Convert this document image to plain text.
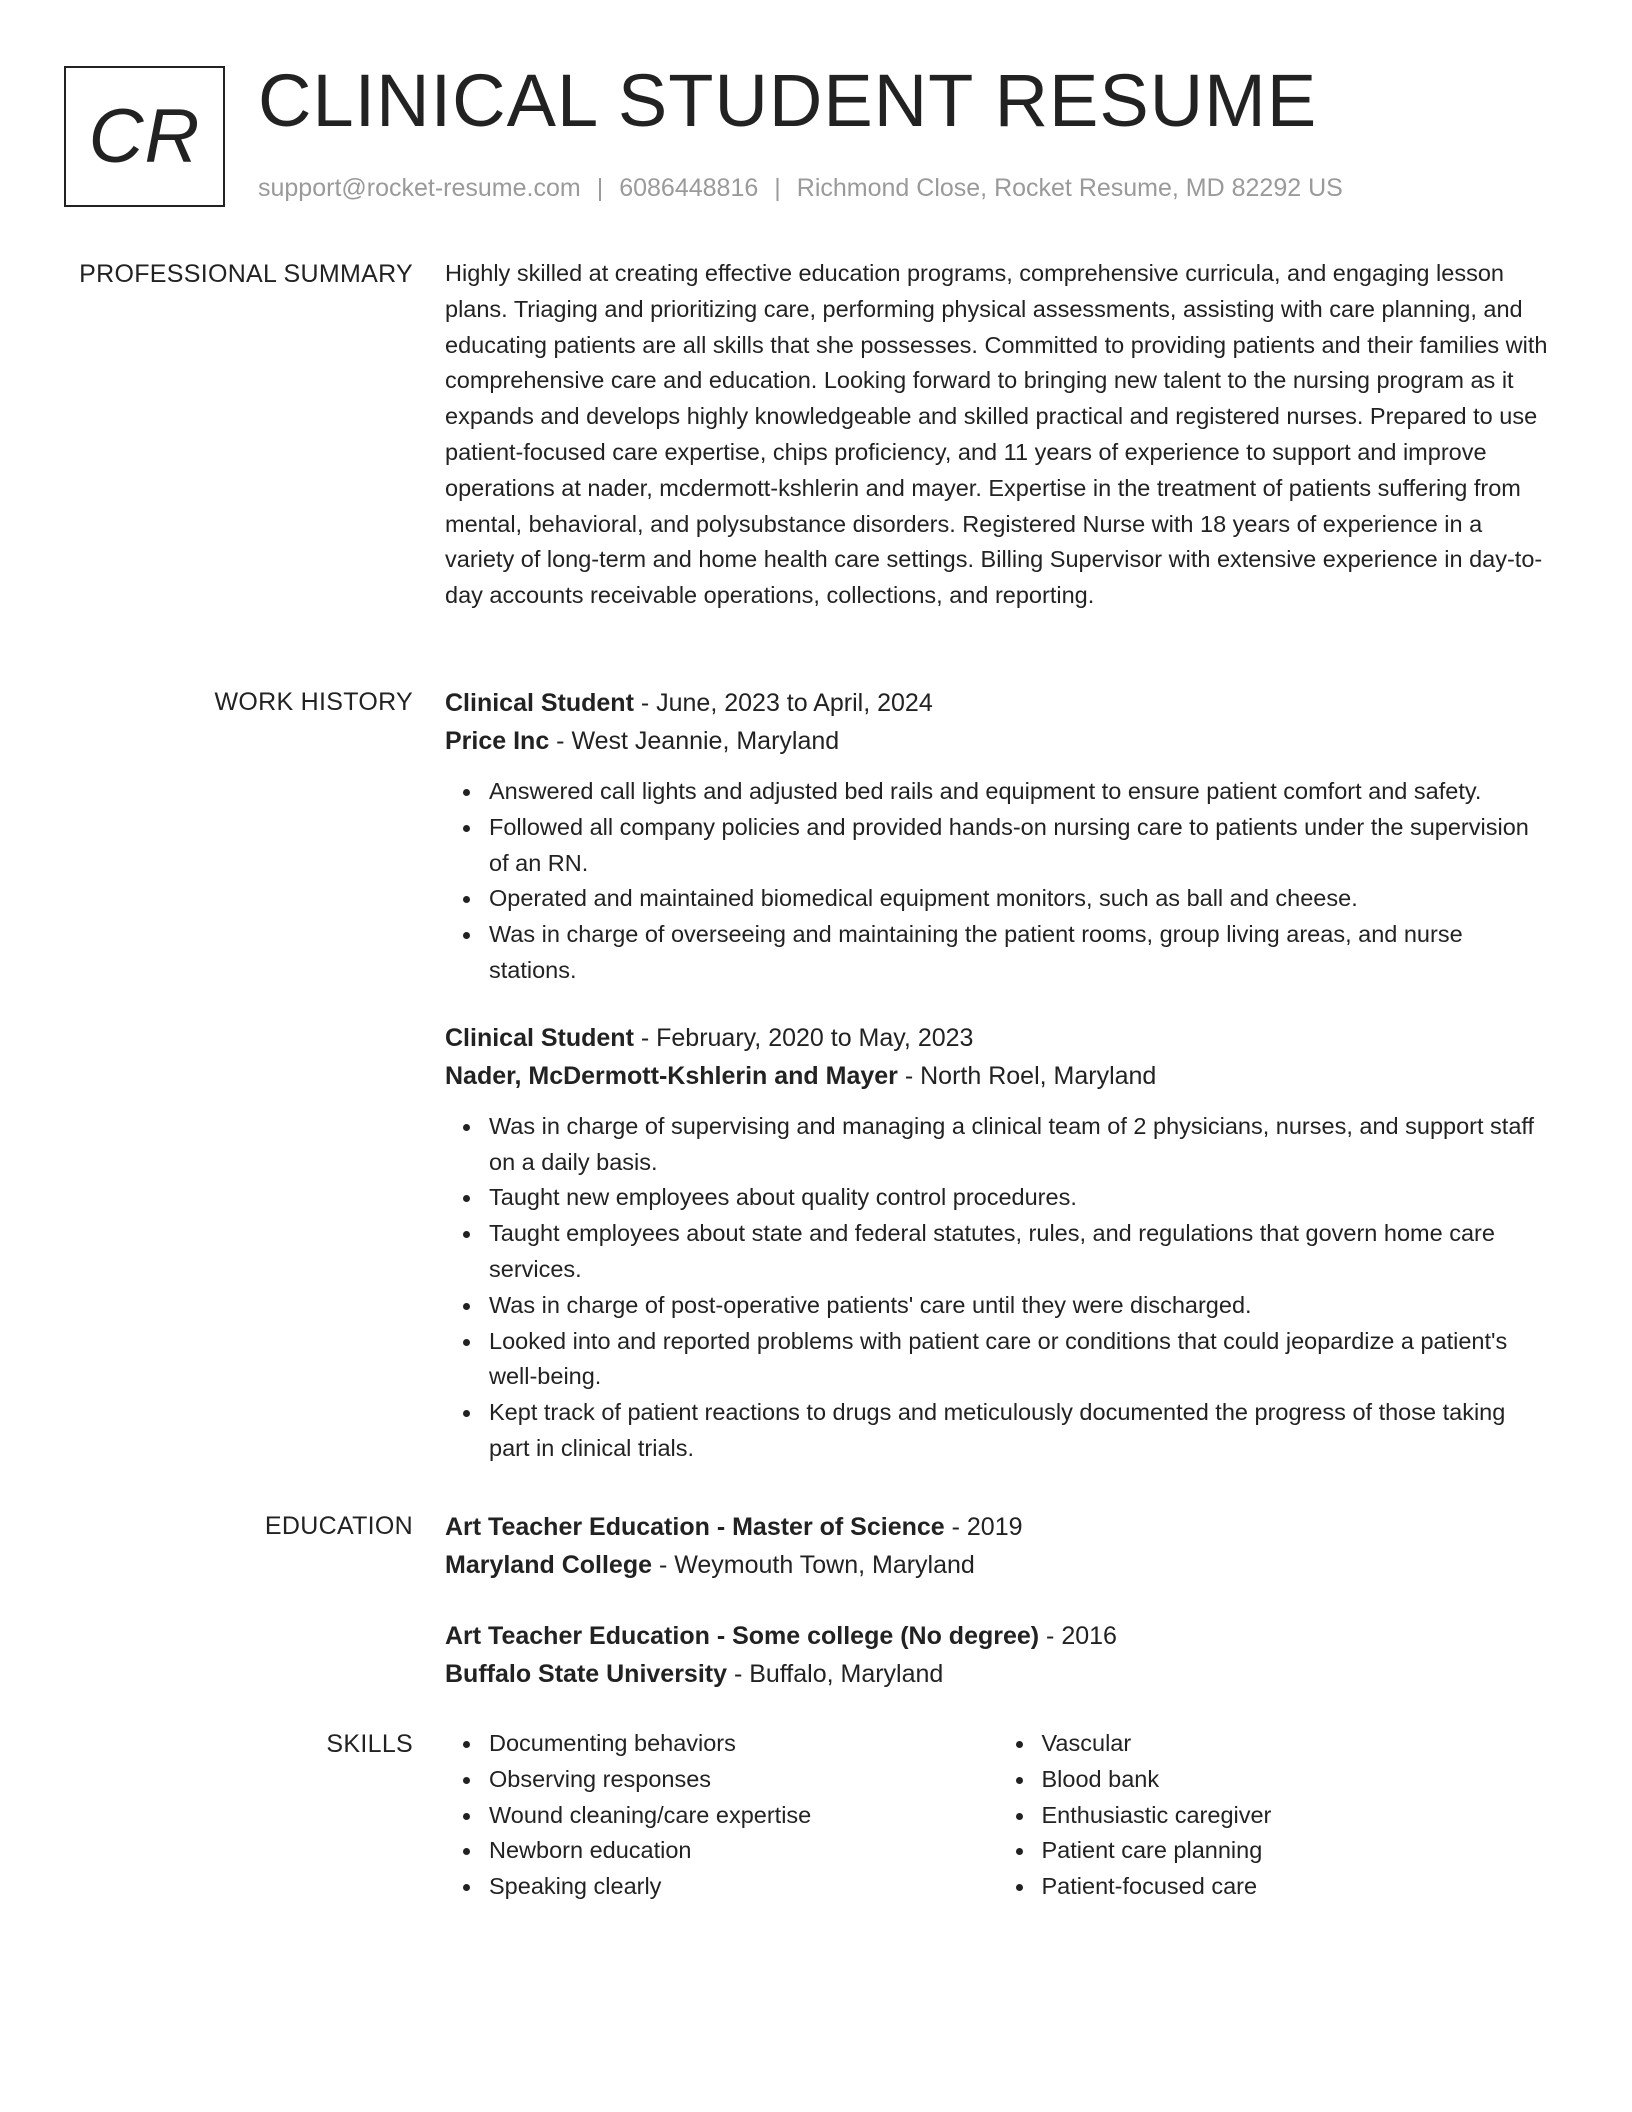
CR CLINICAL STUDENT RESUME
support@rocket-resume.com | 6086448816 | Richmond Close, Rocket Resume, MD 82292 US
PROFESSIONAL SUMMARY Highly skilled at creating effective education programs, comprehensive curricula, and engaging lesson plans. Triaging and prioritizing care, performing physical assessments, assisting with care planning, and educating patients are all skills that she possesses. Committed to providing patients and their families with comprehensive care and education. Looking forward to bringing new talent to the nursing program as it expands and develops highly knowledgeable and skilled practical and registered nurses. Prepared to use patient-focused care expertise, chips proficiency, and 11 years of experience to support and improve operations at nader, mcdermott-kshlerin and mayer. Expertise in the treatment of patients suffering from mental, behavioral, and polysubstance disorders. Registered Nurse with 18 years of experience in a variety of long-term and home health care settings. Billing Supervisor with extensive experience in day-to-day accounts receivable operations, collections, and reporting.

WORK HISTORY Clinical Student - June, 2023 to April, 2024
Price Inc - West Jeannie, Maryland
Answered call lights and adjusted bed rails and equipment to ensure patient comfort and safety.
Followed all company policies and provided hands-on nursing care to patients under the supervision of an RN.
Operated and maintained biomedical equipment monitors, such as ball and cheese.
Was in charge of overseeing and maintaining the patient rooms, group living areas, and nurse stations.
Clinical Student - February, 2020 to May, 2023
Nader, McDermott-Kshlerin and Mayer - North Roel, Maryland
Was in charge of supervising and managing a clinical team of 2 physicians, nurses, and support staff on a daily basis.
Taught new employees about quality control procedures.
Taught employees about state and federal statutes, rules, and regulations that govern home care services.
Was in charge of post-operative patients' care until they were discharged.
Looked into and reported problems with patient care or conditions that could jeopardize a patient's well-being.
Kept track of patient reactions to drugs and meticulously documented the progress of those taking part in clinical trials.
EDUCATION Art Teacher Education - Master of Science - 2019
Maryland College - Weymouth Town, Maryland
Art Teacher Education - Some college (No degree) - 2016
Buffalo State University - Buffalo, Maryland
SKILLS	Documenting behaviors
Observing responses
Wound cleaning/care expertise
Newborn education
Speaking clearly
Vascular
Blood bank
Enthusiastic caregiver
Patient care planning
Patient-focused care
